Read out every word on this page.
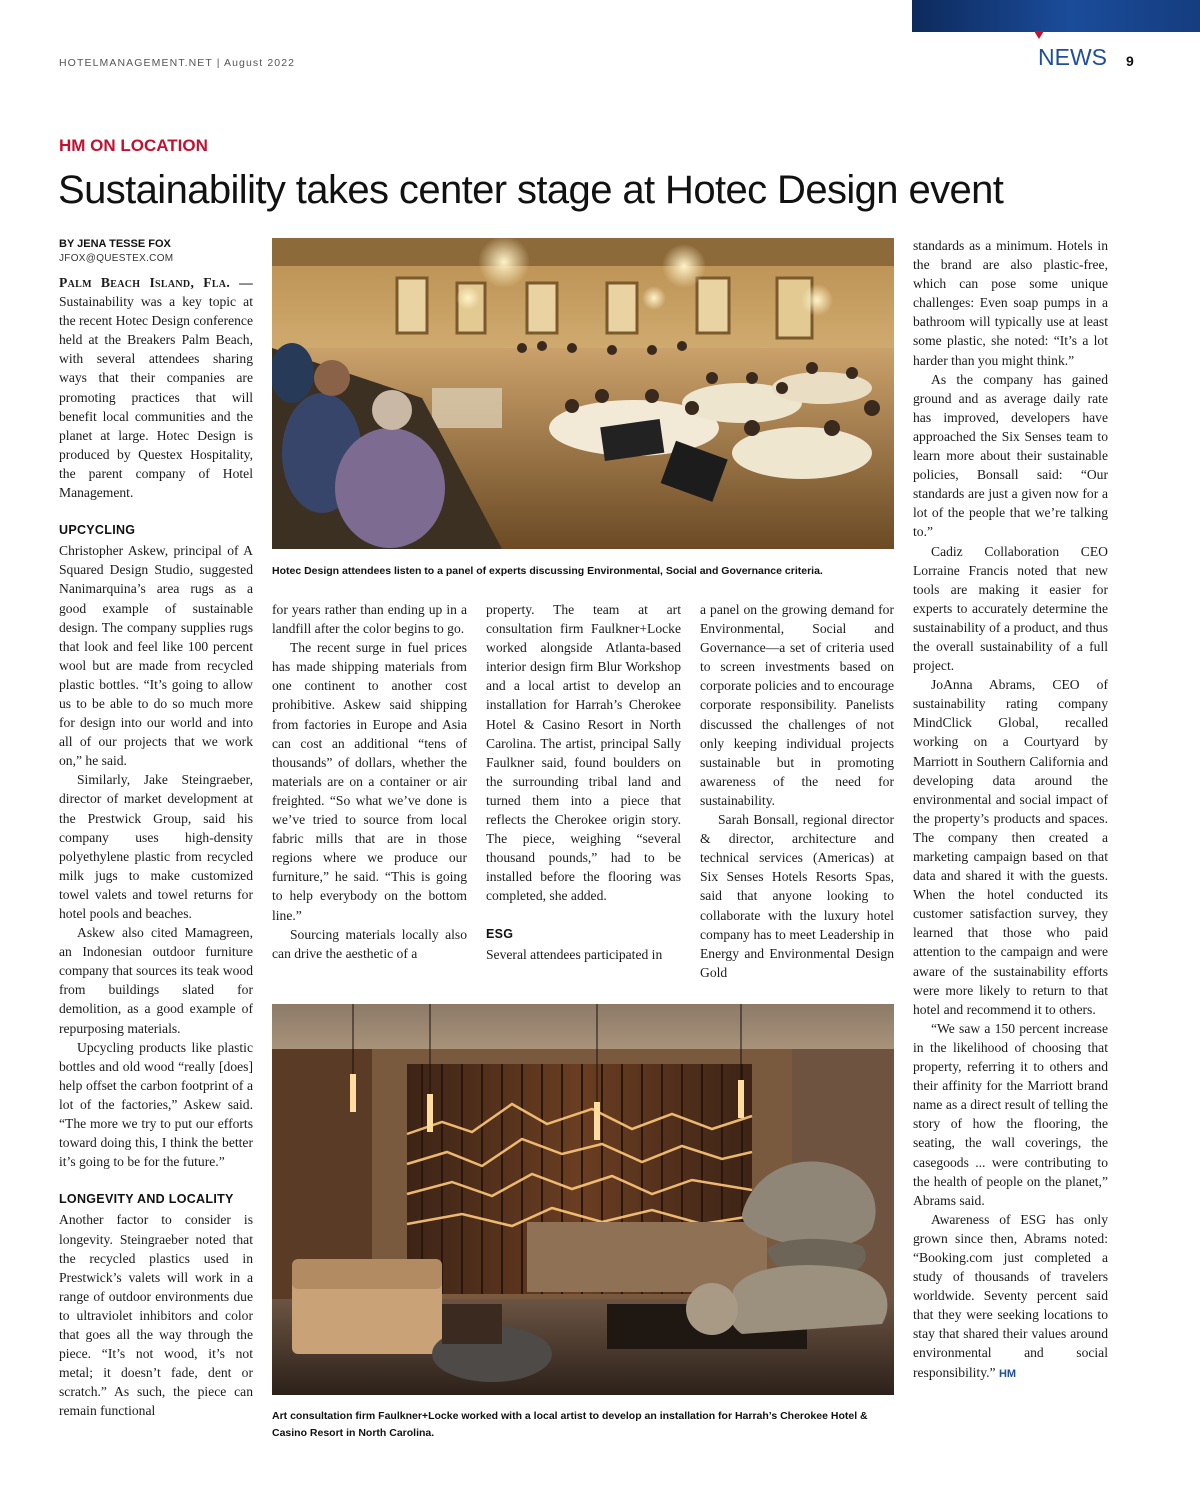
HOTELMANAGEMENT.NET | August 2022	NEWS 9
HM ON LOCATION
Sustainability takes center stage at Hotec Design event
BY JENA TESSE FOX
JFOX@QUESTEX.COM

Palm Beach Island, Fla. — Sustainability was a key topic at the recent Hotec Design conference held at the Breakers Palm Beach, with several attendees sharing ways that their companies are promoting practices that will benefit local communities and the planet at large. Hotec Design is produced by Questex Hospitality, the parent company of Hotel Management.

UPCYCLING

Christopher Askew, principal of A Squared Design Studio, suggested Nanimarquina’s area rugs as a good example of sustainable design. The company supplies rugs that look and feel like 100 percent wool but are made from recycled plastic bottles. “It’s going to allow us to be able to do so much more for design into our world and into all of our projects that we work on,” he said.

Similarly, Jake Steingraeber, director of market development at the Prestwick Group, said his company uses high-density polyethylene plastic from recycled milk jugs to make customized towel valets and towel returns for hotel pools and beaches.

Askew also cited Mamagreen, an Indonesian outdoor furniture company that sources its teak wood from buildings slated for demolition, as a good example of repurposing materials.

Upcycling products like plastic bottles and old wood “really [does] help offset the carbon footprint of a lot of the factories,” Askew said. “The more we try to put our efforts toward doing this, I think the better it’s going to be for the future.”

LONGEVITY AND LOCALITY

Another factor to consider is longevity. Steingraeber noted that the recycled plastics used in Prestwick’s valets will work in a range of outdoor environments due to ultraviolet inhibitors and color that goes all the way through the piece. “It’s not wood, it’s not metal; it doesn’t fade, dent or scratch.” As such, the piece can remain functional

Hotec Design attendees listen to a panel of experts discussing Environmental, Social and Governance criteria.

for years rather than ending up in a landfill after the color begins to go.

The recent surge in fuel prices has made shipping materials from one continent to another cost prohibitive. Askew said shipping from factories in Europe and Asia can cost an additional “tens of thousands” of dollars, whether the materials are on a container or air freighted. “So what we’ve done is we’ve tried to source from local fabric mills that are in those regions where we produce our furniture,” he said. “This is going to help everybody on the bottom line.”

Sourcing materials locally also can drive the aesthetic of a

property. The team at art consultation firm Faulkner+Locke worked alongside Atlanta-based interior design firm Blur Workshop and a local artist to develop an installation for Harrah’s Cherokee Hotel & Casino Resort in North Carolina. The artist, principal Sally Faulkner said, found boulders on the surrounding tribal land and turned them into a piece that reflects the Cherokee origin story. The piece, weighing “several thousand pounds,” had to be installed before the flooring was completed, she added.

ESG

Several attendees participated in

a panel on the growing demand for Environmental, Social and Governance—a set of criteria used to screen investments based on corporate policies and to encourage corporate responsibility. Panelists discussed the challenges of not only keeping individual projects sustainable but in promoting awareness of the need for sustainability.

Sarah Bonsall, regional director & director, architecture and technical services (Americas) at Six Senses Hotels Resorts Spas, said that anyone looking to collaborate with the luxury hotel company has to meet Leadership in Energy and Environmental Design Gold

Art consultation firm Faulkner+Locke worked with a local artist to develop an installation for Harrah’s Cherokee Hotel & Casino Resort in North Carolina.

standards as a minimum. Hotels in the brand are also plastic-free, which can pose some unique challenges: Even soap pumps in a bathroom will typically use at least some plastic, she noted: “It’s a lot harder than you might think.”

As the company has gained ground and as average daily rate has improved, developers have approached the Six Senses team to learn more about their sustainable policies, Bonsall said: “Our standards are just a given now for a lot of the people that we’re talking to.”

Cadiz Collaboration CEO Lorraine Francis noted that new tools are making it easier for experts to accurately determine the sustainability of a product, and thus the overall sustainability of a full project.

JoAnna Abrams, CEO of sustainability rating company MindClick Global, recalled working on a Courtyard by Marriott in Southern California and developing data around the environmental and social impact of the property’s products and spaces. The company then created a marketing campaign based on that data and shared it with the guests. When the hotel conducted its customer satisfaction survey, they learned that those who paid attention to the campaign and were aware of the sustainability efforts were more likely to return to that hotel and recommend it to others.

“We saw a 150 percent increase in the likelihood of choosing that property, referring it to others and their affinity for the Marriott brand name as a direct result of telling the story of how the flooring, the seating, the wall coverings, the casegoods ... were contributing to the health of people on the planet,” Abrams said.

Awareness of ESG has only grown since then, Abrams noted: “Booking.com just completed a study of thousands of travelers worldwide. Seventy percent said that they were seeking locations to stay that shared their values around environmental and social responsibility.” HM
